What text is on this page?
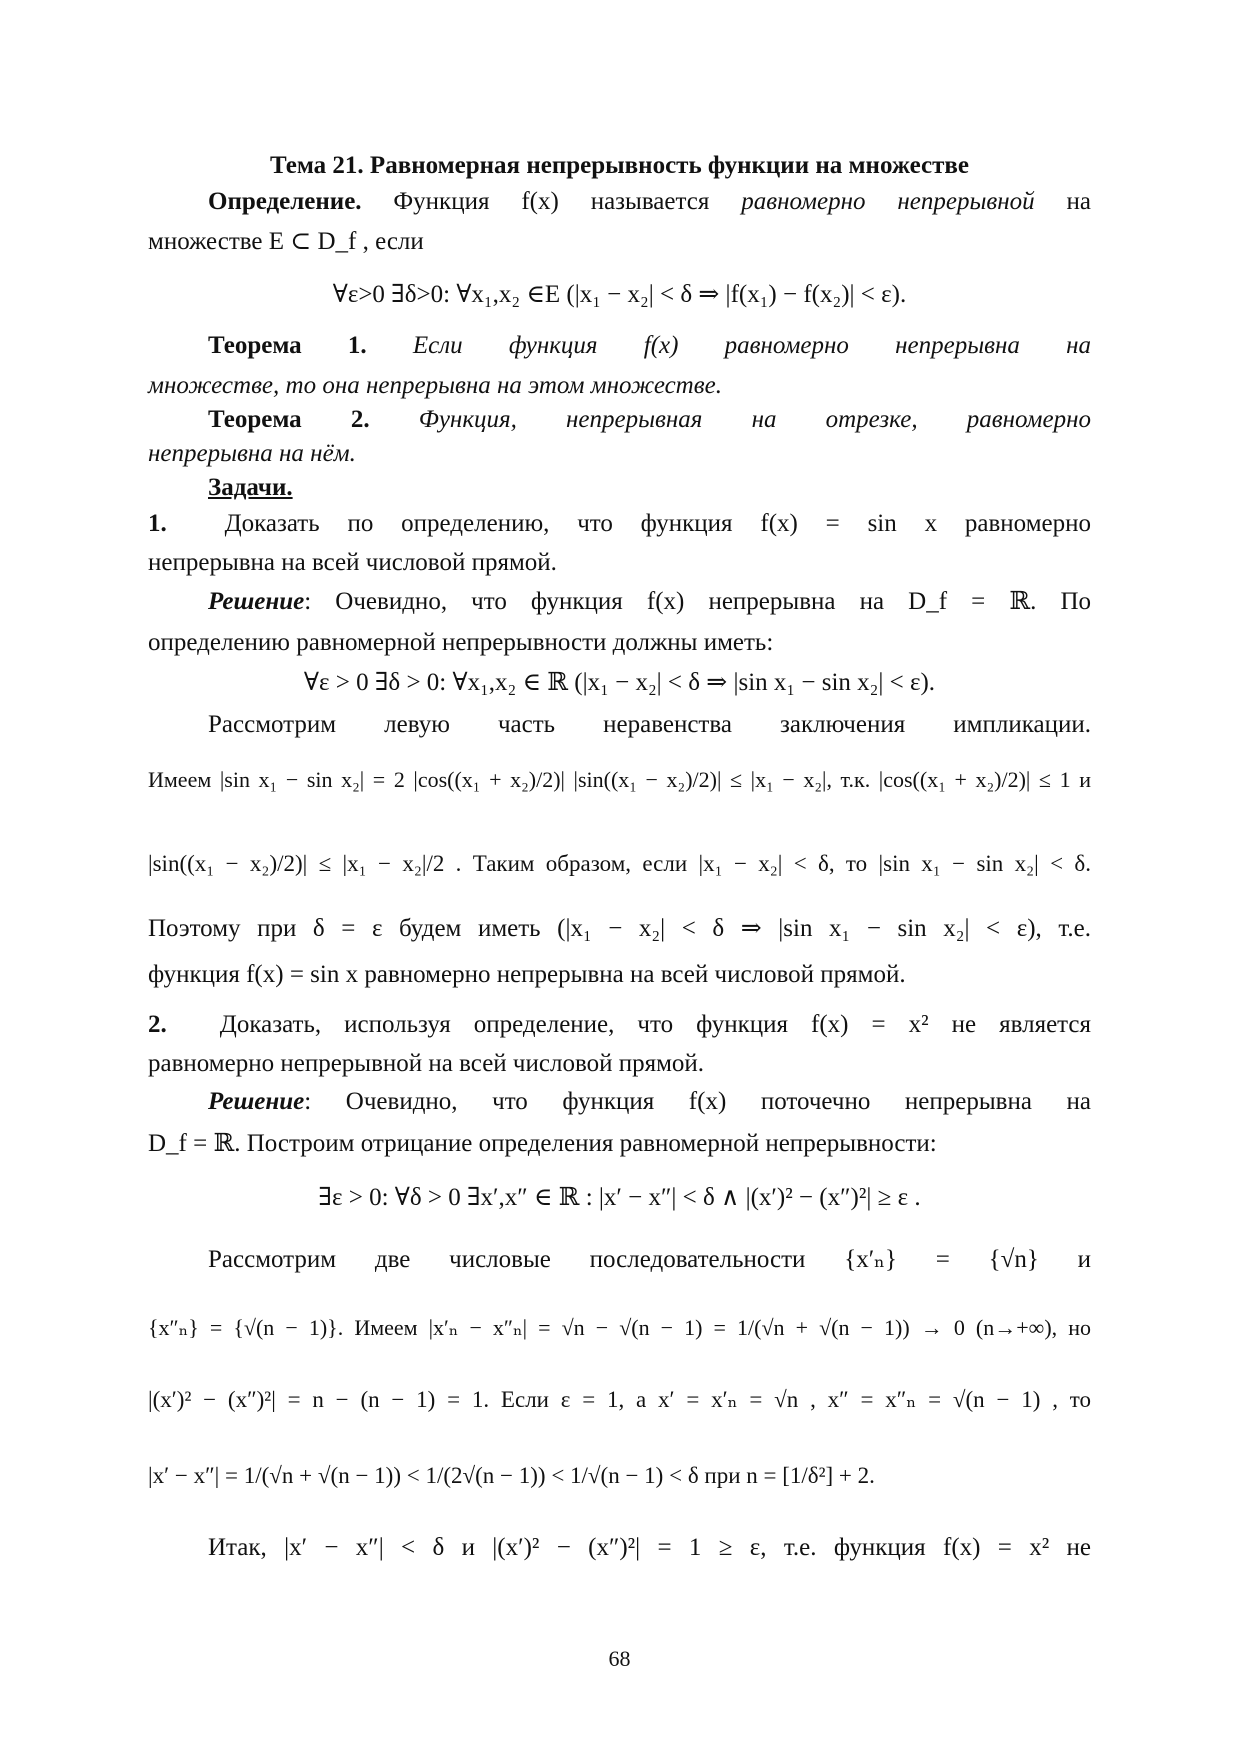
Тема 21. Равномерная непрерывность функции на множестве
Определение. Функция f(x) называется равномерно непрерывной на
множестве E ⊂ D_f , если
∀ε>0 ∃δ>0: ∀x₁,x₂ ∈E (|x₁ − x₂| < δ ⇒ |f(x₁) − f(x₂)| < ε).
Теорема 1. Если функция f(x) равномерно непрерывна на
множестве, то она непрерывна на этом множестве.
Теорема 2. Функция, непрерывная на отрезке, равномерно
непрерывна на нём.
Задачи.
1. Доказать по определению, что функция f(x) = sin x равномерно
непрерывна на всей числовой прямой.
Решение: Очевидно, что функция f(x) непрерывна на D_f = ℝ. По
определению равномерной непрерывности должны иметь:
∀ε > 0 ∃δ > 0: ∀x₁,x₂ ∈ ℝ (|x₁ − x₂| < δ ⇒ |sin x₁ − sin x₂| < ε).
Рассмотрим левую часть неравенства заключения импликации.
Имеем |sin x₁ − sin x₂| = 2 |cos((x₁ + x₂)/2)| |sin((x₁ − x₂)/2)| ≤ |x₁ − x₂|, т.к. |cos((x₁ + x₂)/2)| ≤ 1 и
|sin((x₁ − x₂)/2)| ≤ |x₁ − x₂|/2 . Таким образом, если |x₁ − x₂| < δ, то |sin x₁ − sin x₂| < δ.
Поэтому при δ = ε будем иметь (|x₁ − x₂| < δ ⇒ |sin x₁ − sin x₂| < ε), т.е.
функция f(x) = sin x равномерно непрерывна на всей числовой прямой.
2. Доказать, используя определение, что функция f(x) = x² не является
равномерно непрерывной на всей числовой прямой.
Решение: Очевидно, что функция f(x) поточечно непрерывна на
D_f = ℝ. Построим отрицание определения равномерной непрерывности:
∃ε > 0: ∀δ > 0 ∃x′,x″ ∈ ℝ : |x′ − x″| < δ ∧ |(x′)² − (x″)²| ≥ ε .
Рассмотрим две числовые последовательности {x′ₙ} = {√n} и
{x″ₙ} = {√(n − 1)}. Имеем |x′ₙ − x″ₙ| = √n − √(n − 1) = 1/(√n + √(n − 1)) → 0 (n→+∞), но
|(x′)² − (x″)²| = n − (n − 1) = 1. Если ε = 1, а x′ = x′ₙ = √n , x″ = x″ₙ = √(n − 1) , то
|x′ − x″| = 1/(√n + √(n − 1)) < 1/(2√(n − 1)) < 1/√(n − 1) < δ при n = [1/δ²] + 2.
Итак, |x′ − x″| < δ и |(x′)² − (x″)²| = 1 ≥ ε, т.е. функция f(x) = x² не
68
